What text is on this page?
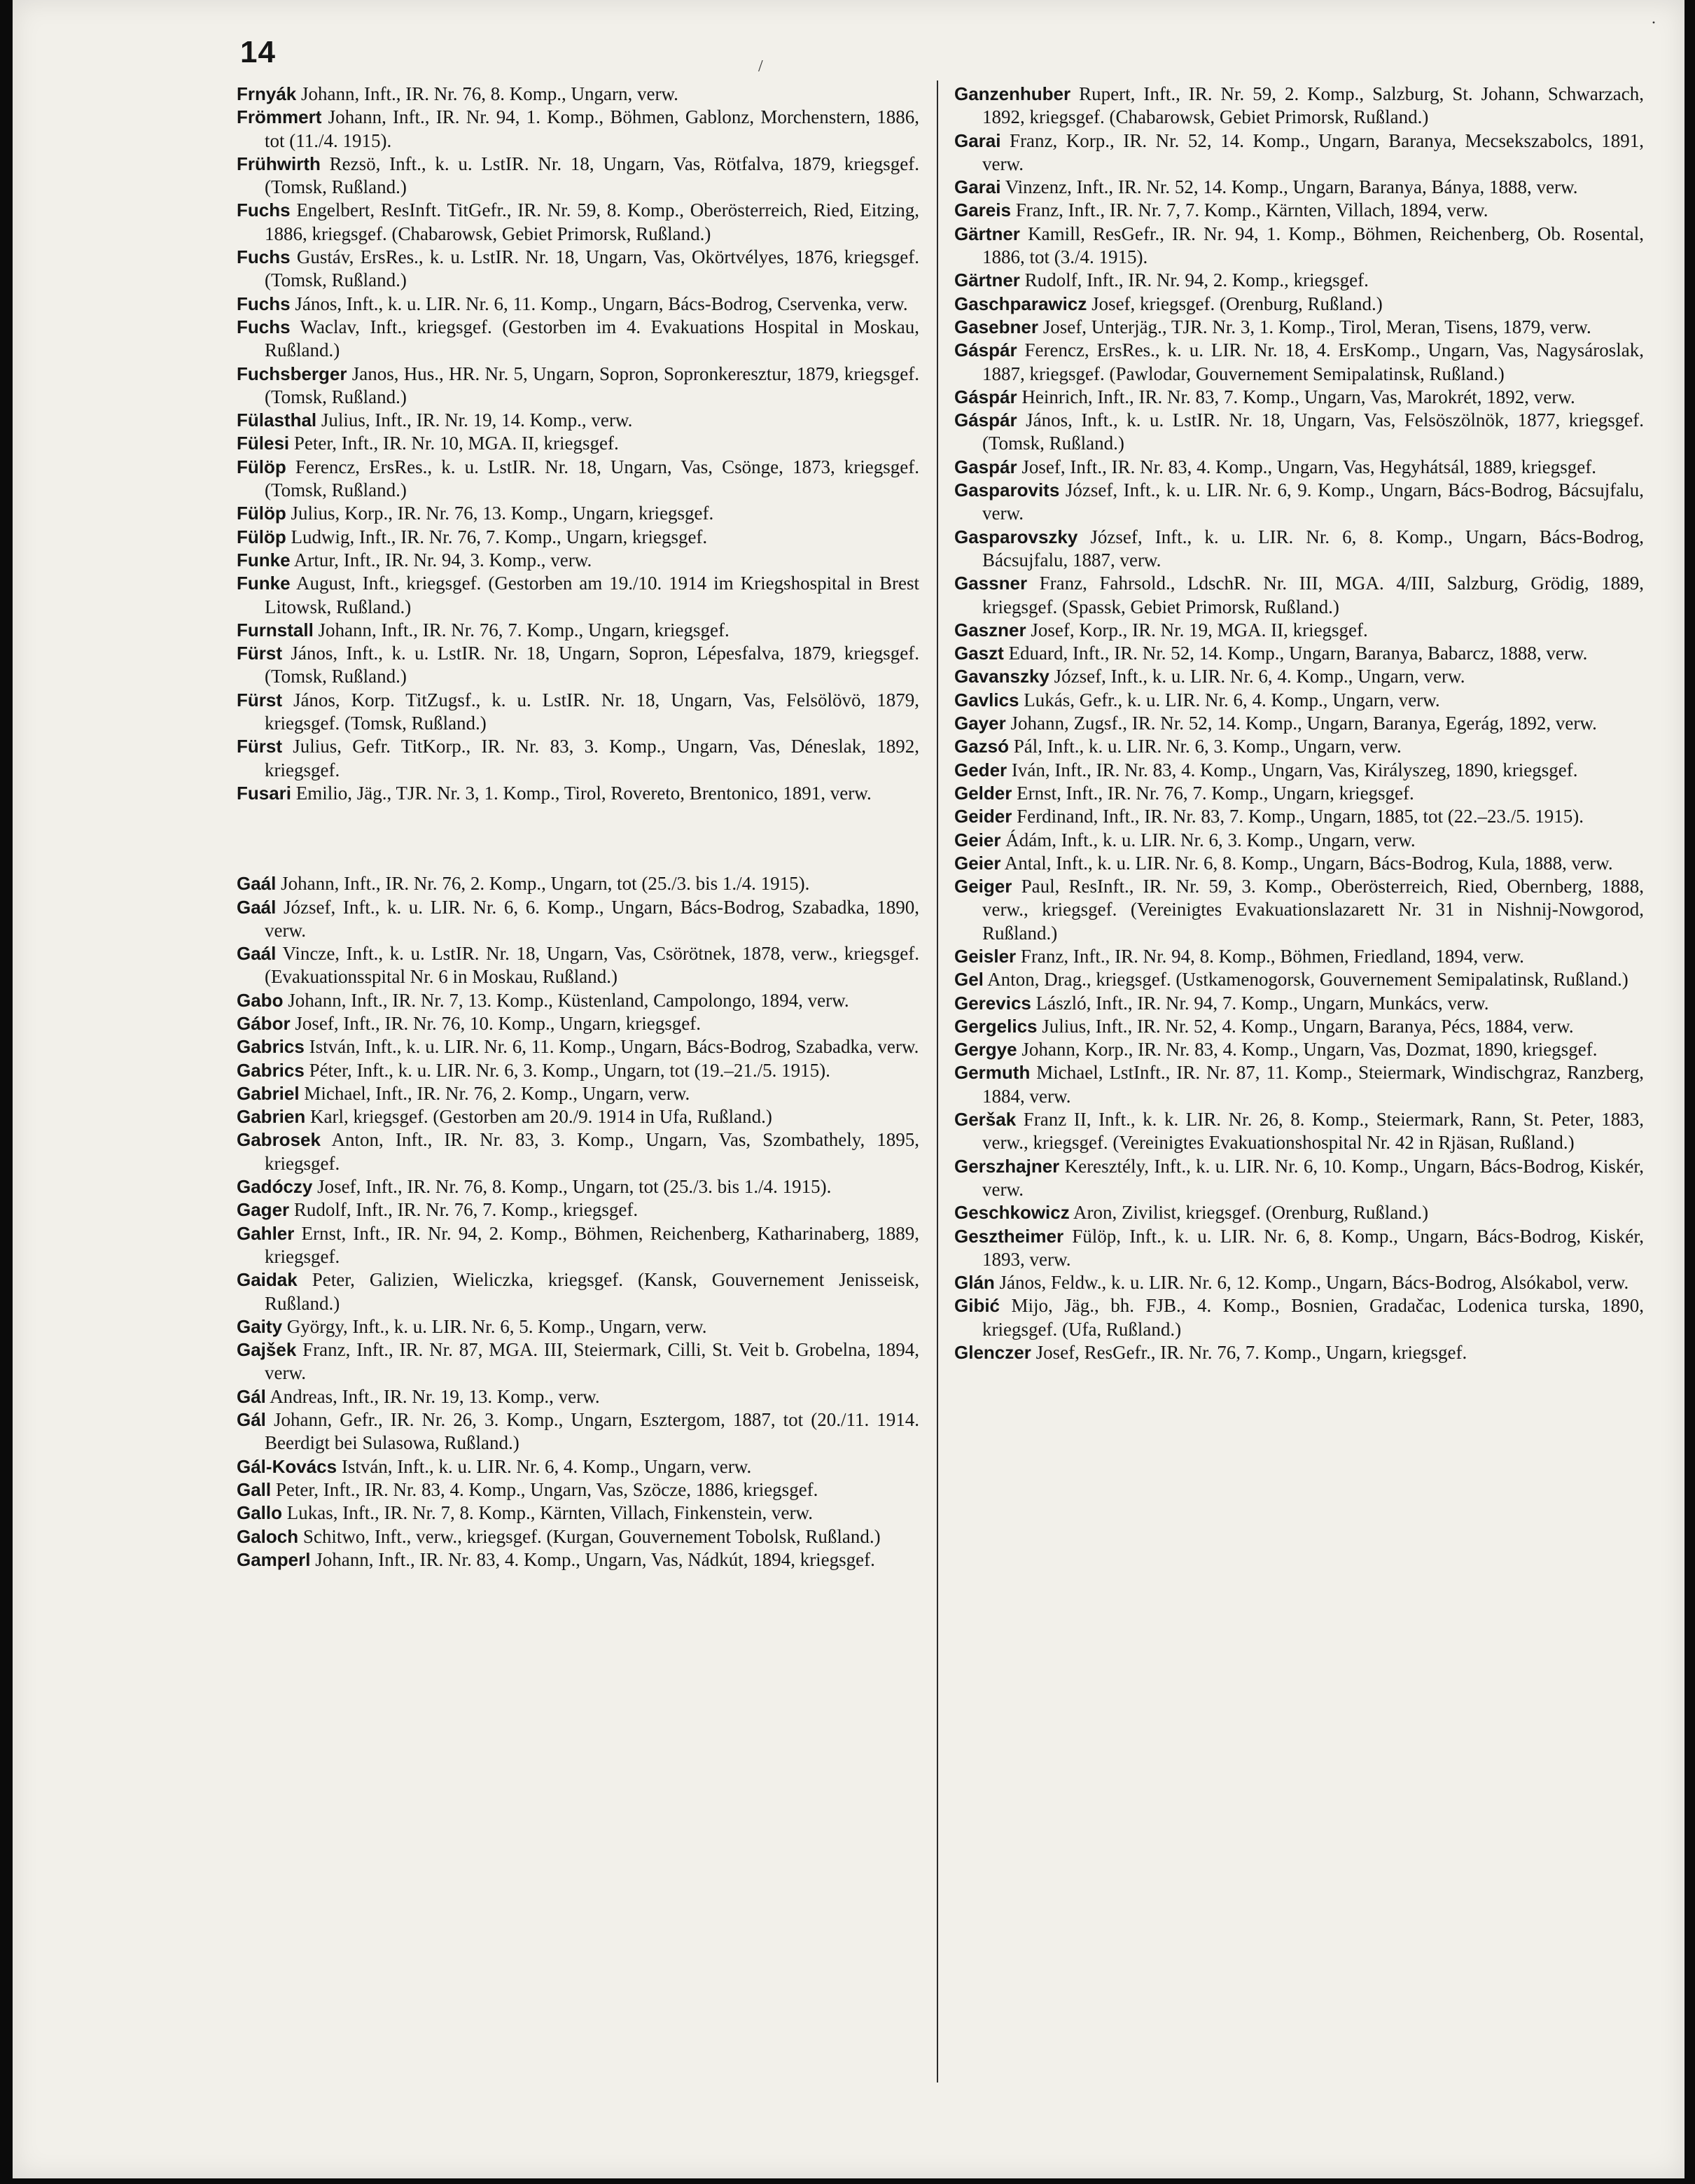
14	/
·
Frnyák Johann, Inft., IR. Nr. 76, 8. Komp., Ungarn, verw.
Frömmert Johann, Inft., IR. Nr. 94, 1. Komp., Böhmen, Gablonz, Morchenstern, 1886, tot (11./4. 1915).
Frühwirth Rezsö, Inft., k. u. LstIR. Nr. 18, Ungarn, Vas, Rötfalva, 1879, kriegsgef. (Tomsk, Rußland.)
Fuchs Engelbert, ResInft. TitGefr., IR. Nr. 59, 8. Komp., Oberösterreich, Ried, Eitzing, 1886, kriegsgef. (Chabarowsk, Gebiet Primorsk, Rußland.)
Fuchs Gustáv, ErsRes., k. u. LstIR. Nr. 18, Ungarn, Vas, Okörtvélyes, 1876, kriegsgef. (Tomsk, Rußland.)
Fuchs János, Inft., k. u. LIR. Nr. 6, 11. Komp., Ungarn, Bács-Bodrog, Cservenka, verw.
Fuchs Waclav, Inft., kriegsgef. (Gestorben im 4. Evakuations Hospital in Moskau, Rußland.)
Fuchsberger Janos, Hus., HR. Nr. 5, Ungarn, Sopron, Sopronkeresztur, 1879, kriegsgef. (Tomsk, Rußland.)
Fülasthal Julius, Inft., IR. Nr. 19, 14. Komp., verw.
Fülesi Peter, Inft., IR. Nr. 10, MGA. II, kriegsgef.
Fülöp Ferencz, ErsRes., k. u. LstIR. Nr. 18, Ungarn, Vas, Csönge, 1873, kriegsgef. (Tomsk, Rußland.)
Fülöp Julius, Korp., IR. Nr. 76, 13. Komp., Ungarn, kriegsgef.
Fülöp Ludwig, Inft., IR. Nr. 76, 7. Komp., Ungarn, kriegsgef.
Funke Artur, Inft., IR. Nr. 94, 3. Komp., verw.
Funke August, Inft., kriegsgef. (Gestorben am 19./10. 1914 im Kriegshospital in Brest Litowsk, Rußland.)
Furnstall Johann, Inft., IR. Nr. 76, 7. Komp., Ungarn, kriegsgef.
Fürst János, Inft., k. u. LstIR. Nr. 18, Ungarn, Sopron, Lépesfalva, 1879, kriegsgef. (Tomsk, Rußland.)
Fürst János, Korp. TitZugsf., k. u. LstIR. Nr. 18, Ungarn, Vas, Felsölövö, 1879, kriegsgef. (Tomsk, Rußland.)
Fürst Julius, Gefr. TitKorp., IR. Nr. 83, 3. Komp., Ungarn, Vas, Déneslak, 1892, kriegsgef.
Fusari Emilio, Jäg., TJR. Nr. 3, 1. Komp., Tirol, Rovereto, Brentonico, 1891, verw.
Gaál Johann, Inft., IR. Nr. 76, 2. Komp., Ungarn, tot (25./3. bis 1./4. 1915).
Gaál József, Inft., k. u. LIR. Nr. 6, 6. Komp., Ungarn, Bács-Bodrog, Szabadka, 1890, verw.
Gaál Vincze, Inft., k. u. LstIR. Nr. 18, Ungarn, Vas, Csörötnek, 1878, verw., kriegsgef. (Evakuationsspital Nr. 6 in Moskau, Rußland.)
Gabo Johann, Inft., IR. Nr. 7, 13. Komp., Küstenland, Campolongo, 1894, verw.
Gábor Josef, Inft., IR. Nr. 76, 10. Komp., Ungarn, kriegsgef.
Gabrics István, Inft., k. u. LIR. Nr. 6, 11. Komp., Ungarn, Bács-Bodrog, Szabadka, verw.
Gabrics Péter, Inft., k. u. LIR. Nr. 6, 3. Komp., Ungarn, tot (19.–21./5. 1915).
Gabriel Michael, Inft., IR. Nr. 76, 2. Komp., Ungarn, verw.
Gabrien Karl, kriegsgef. (Gestorben am 20./9. 1914 in Ufa, Rußland.)
Gabrosek Anton, Inft., IR. Nr. 83, 3. Komp., Ungarn, Vas, Szombathely, 1895, kriegsgef.
Gadóczy Josef, Inft., IR. Nr. 76, 8. Komp., Ungarn, tot (25./3. bis 1./4. 1915).
Gager Rudolf, Inft., IR. Nr. 76, 7. Komp., kriegsgef.
Gahler Ernst, Inft., IR. Nr. 94, 2. Komp., Böhmen, Reichenberg, Katharinaberg, 1889, kriegsgef.
Gaidak Peter, Galizien, Wieliczka, kriegsgef. (Kansk, Gouvernement Jenisseisk, Rußland.)
Gaity György, Inft., k. u. LIR. Nr. 6, 5. Komp., Ungarn, verw.
Gajšek Franz, Inft., IR. Nr. 87, MGA. III, Steiermark, Cilli, St. Veit b. Grobelna, 1894, verw.
Gál Andreas, Inft., IR. Nr. 19, 13. Komp., verw.
Gál Johann, Gefr., IR. Nr. 26, 3. Komp., Ungarn, Esztergom, 1887, tot (20./11. 1914. Beerdigt bei Sulasowa, Rußland.)
Gál-Kovács István, Inft., k. u. LIR. Nr. 6, 4. Komp., Ungarn, verw.
Gall Peter, Inft., IR. Nr. 83, 4. Komp., Ungarn, Vas, Szöcze, 1886, kriegsgef.
Gallo Lukas, Inft., IR. Nr. 7, 8. Komp., Kärnten, Villach, Finkenstein, verw.
Galoch Schitwo, Inft., verw., kriegsgef. (Kurgan, Gouvernement Tobolsk, Rußland.)
Gamperl Johann, Inft., IR. Nr. 83, 4. Komp., Ungarn, Vas, Nádkút, 1894, kriegsgef.
Ganzenhuber Rupert, Inft., IR. Nr. 59, 2. Komp., Salzburg, St. Johann, Schwarzach, 1892, kriegsgef. (Chabarowsk, Gebiet Primorsk, Rußland.)
Garai Franz, Korp., IR. Nr. 52, 14. Komp., Ungarn, Baranya, Mecsekszabolcs, 1891, verw.
Garai Vinzenz, Inft., IR. Nr. 52, 14. Komp., Ungarn, Baranya, Bánya, 1888, verw.
Gareis Franz, Inft., IR. Nr. 7, 7. Komp., Kärnten, Villach, 1894, verw.
Gärtner Kamill, ResGefr., IR. Nr. 94, 1. Komp., Böhmen, Reichenberg, Ob. Rosental, 1886, tot (3./4. 1915).
Gärtner Rudolf, Inft., IR. Nr. 94, 2. Komp., kriegsgef.
Gaschparawicz Josef, kriegsgef. (Orenburg, Rußland.)
Gasebner Josef, Unterjäg., TJR. Nr. 3, 1. Komp., Tirol, Meran, Tisens, 1879, verw.
Gáspár Ferencz, ErsRes., k. u. LIR. Nr. 18, 4. ErsKomp., Ungarn, Vas, Nagysároslak, 1887, kriegsgef. (Pawlodar, Gouvernement Semipalatinsk, Rußland.)
Gáspár Heinrich, Inft., IR. Nr. 83, 7. Komp., Ungarn, Vas, Marokrét, 1892, verw.
Gáspár János, Inft., k. u. LstIR. Nr. 18, Ungarn, Vas, Felsöszölnök, 1877, kriegsgef. (Tomsk, Rußland.)
Gaspár Josef, Inft., IR. Nr. 83, 4. Komp., Ungarn, Vas, Hegyhátsál, 1889, kriegsgef.
Gasparovits József, Inft., k. u. LIR. Nr. 6, 9. Komp., Ungarn, Bács-Bodrog, Bácsujfalu, verw.
Gasparovszky József, Inft., k. u. LIR. Nr. 6, 8. Komp., Ungarn, Bács-Bodrog, Bácsujfalu, 1887, verw.
Gassner Franz, Fahrsold., LdschR. Nr. III, MGA. 4/III, Salzburg, Grödig, 1889, kriegsgef. (Spassk, Gebiet Primorsk, Rußland.)
Gaszner Josef, Korp., IR. Nr. 19, MGA. II, kriegsgef.
Gaszt Eduard, Inft., IR. Nr. 52, 14. Komp., Ungarn, Baranya, Babarcz, 1888, verw.
Gavanszky József, Inft., k. u. LIR. Nr. 6, 4. Komp., Ungarn, verw.
Gavlics Lukás, Gefr., k. u. LIR. Nr. 6, 4. Komp., Ungarn, verw.
Gayer Johann, Zugsf., IR. Nr. 52, 14. Komp., Ungarn, Baranya, Egerág, 1892, verw.
Gazsó Pál, Inft., k. u. LIR. Nr. 6, 3. Komp., Ungarn, verw.
Geder Iván, Inft., IR. Nr. 83, 4. Komp., Ungarn, Vas, Királyszeg, 1890, kriegsgef.
Gelder Ernst, Inft., IR. Nr. 76, 7. Komp., Ungarn, kriegsgef.
Geider Ferdinand, Inft., IR. Nr. 83, 7. Komp., Ungarn, 1885, tot (22.–23./5. 1915).
Geier Ádám, Inft., k. u. LIR. Nr. 6, 3. Komp., Ungarn, verw.
Geier Antal, Inft., k. u. LIR. Nr. 6, 8. Komp., Ungarn, Bács-Bodrog, Kula, 1888, verw.
Geiger Paul, ResInft., IR. Nr. 59, 3. Komp., Oberösterreich, Ried, Obernberg, 1888, verw., kriegsgef. (Vereinigtes Evakuationslazarett Nr. 31 in Nishnij-Nowgorod, Rußland.)
Geisler Franz, Inft., IR. Nr. 94, 8. Komp., Böhmen, Friedland, 1894, verw.
Gel Anton, Drag., kriegsgef. (Ustkamenogorsk, Gouvernement Semipalatinsk, Rußland.)
Gerevics László, Inft., IR. Nr. 94, 7. Komp., Ungarn, Munkács, verw.
Gergelics Julius, Inft., IR. Nr. 52, 4. Komp., Ungarn, Baranya, Pécs, 1884, verw.
Gergye Johann, Korp., IR. Nr. 83, 4. Komp., Ungarn, Vas, Dozmat, 1890, kriegsgef.
Germuth Michael, LstInft., IR. Nr. 87, 11. Komp., Steiermark, Windischgraz, Ranzberg, 1884, verw.
Geršak Franz II, Inft., k. k. LIR. Nr. 26, 8. Komp., Steiermark, Rann, St. Peter, 1883, verw., kriegsgef. (Vereinigtes Evakuationshospital Nr. 42 in Rjäsan, Rußland.)
Gerszhajner Keresztély, Inft., k. u. LIR. Nr. 6, 10. Komp., Ungarn, Bács-Bodrog, Kiskér, verw.
Geschkowicz Aron, Zivilist, kriegsgef. (Orenburg, Rußland.)
Gesztheimer Fülöp, Inft., k. u. LIR. Nr. 6, 8. Komp., Ungarn, Bács-Bodrog, Kiskér, 1893, verw.
Glán János, Feldw., k. u. LIR. Nr. 6, 12. Komp., Ungarn, Bács-Bodrog, Alsókabol, verw.
Gibić Mijo, Jäg., bh. FJB., 4. Komp., Bosnien, Gradačac, Lodenica turska, 1890, kriegsgef. (Ufa, Rußland.)
Glenczer Josef, ResGefr., IR. Nr. 76, 7. Komp., Ungarn, kriegsgef.
